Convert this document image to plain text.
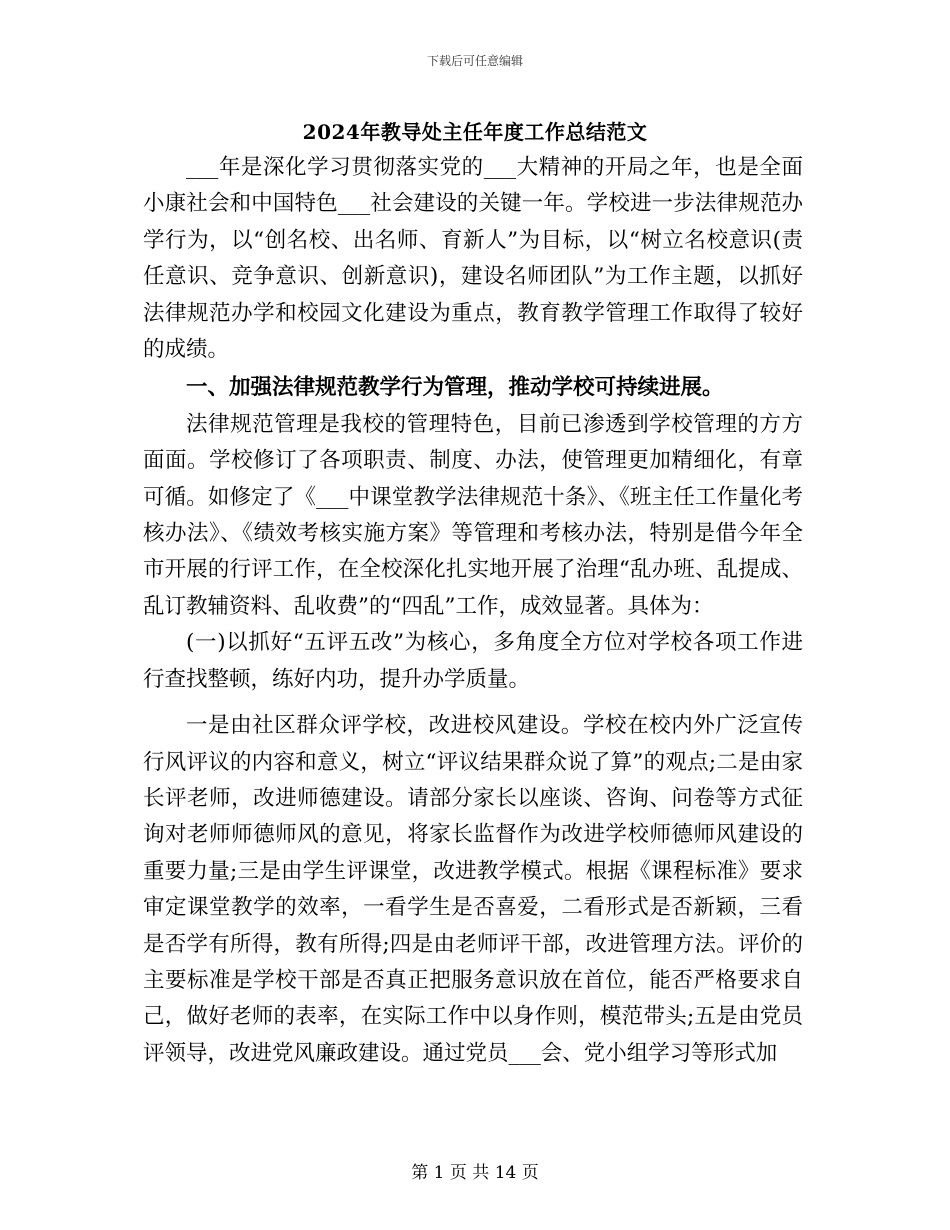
下载后可任意编辑
2024年教导处主任年度工作总结范文

___年是深化学习贯彻落实党的___大精神的开局之年，也是全面小康社会和中国特色___社会建设的关键一年。学校进一步法律规范办学行为，以“创名校、出名师、育新人”为目标，以“树立名校意识(责任意识、竞争意识、创新意识)，建设名师团队”为工作主题，以抓好法律规范办学和校园文化建设为重点，教育教学管理工作取得了较好的成绩。

一、加强法律规范教学行为管理，推动学校可持续进展。

法律规范管理是我校的管理特色，目前已渗透到学校管理的方方面面。学校修订了各项职责、制度、办法，使管理更加精细化，有章可循。如修定了《___中课堂教学法律规范十条》、《班主任工作量化考核办法》、《绩效考核实施方案》等管理和考核办法，特别是借今年全市开展的行评工作，在全校深化扎实地开展了治理“乱办班、乱提成、乱订教辅资料、乱收费”的“四乱”工作，成效显著。具体为：

(一)以抓好“五评五改”为核心，多角度全方位对学校各项工作进行查找整顿，练好内功，提升办学质量。

一是由社区群众评学校，改进校风建设。学校在校内外广泛宣传行风评议的内容和意义，树立“评议结果群众说了算”的观点;二是由家长评老师，改进师德建设。请部分家长以座谈、咨询、问卷等方式征询对老师师德师风的意见，将家长监督作为改进学校师德师风建设的重要力量;三是由学生评课堂，改进教学模式。根据《课程标准》要求审定课堂教学的效率，一看学生是否喜爱，二看形式是否新颖，三看是否学有所得，教有所得;四是由老师评干部，改进管理方法。评价的主要标准是学校干部是否真正把服务意识放在首位，能否严格要求自己，做好老师的表率，在实际工作中以身作则，模范带头;五是由党员评领导，改进党风廉政建设。通过党员___会、党小组学习等形式加

第 1 页 共 14 页
